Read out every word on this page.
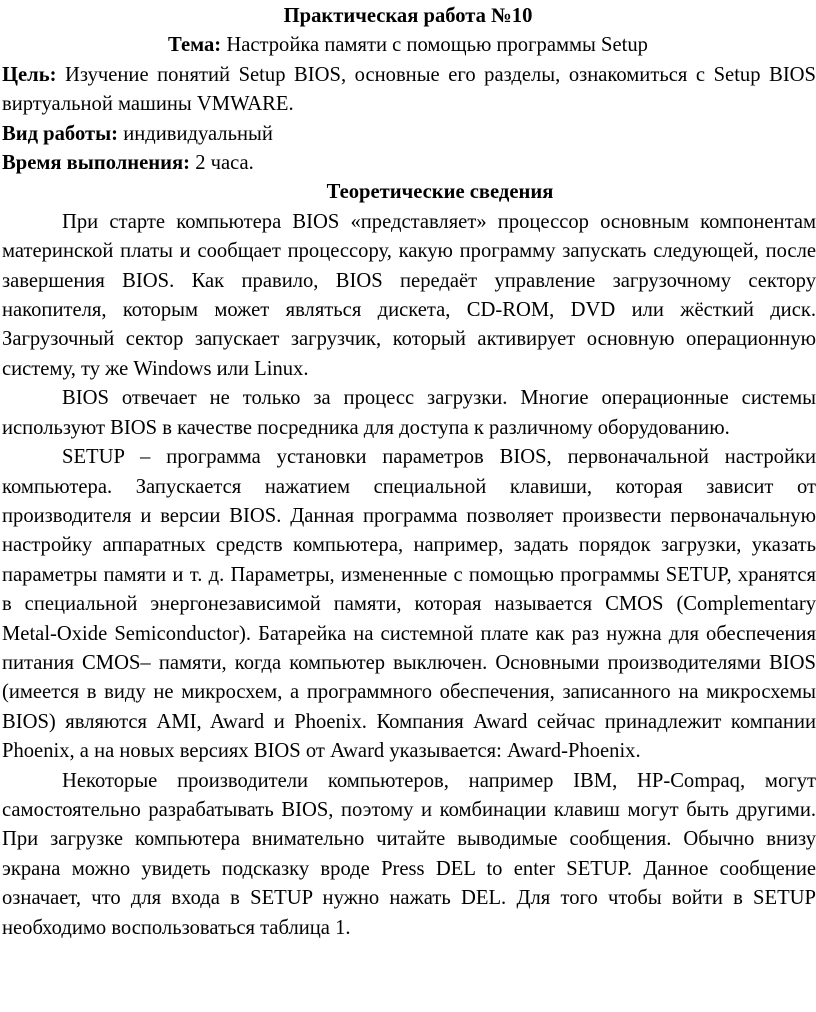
Практическая работа №10

Тема: Настройка памяти с помощью программы Setup

Цель: Изучение понятий Setup BIOS, основные его разделы, ознакомиться с Setup BIOS виртуальной машины VMWARE.

Вид работы: индивидуальный

Время выполнения: 2 часа.

Теоретические сведения

При старте компьютера BIOS «представляет» процессор основным компонентам материнской платы и сообщает процессору, какую программу запускать следующей, после завершения BIOS. Как правило, BIOS передаёт управление загрузочному сектору накопителя, которым может являться дискета, CD-ROM, DVD или жёсткий диск. Загрузочный сектор запускает загрузчик, который активирует основную операционную систему, ту же Windows или Linux.

BIOS отвечает не только за процесс загрузки. Многие операционные системы используют BIOS в качестве посредника для доступа к различному оборудованию.

SETUP – программа установки параметров BIOS, первоначальной настройки компьютера. Запускается нажатием специальной клавиши, которая зависит от производителя и версии BIOS. Данная программа позволяет произвести первоначальную настройку аппаратных средств компьютера, например, задать порядок загрузки, указать параметры памяти и т. д. Параметры, измененные с помощью программы SETUP, хранятся в специальной энергонезависимой памяти, которая называется CMOS (Complementary Metal-Oxide Semiconductor). Батарейка на системной плате как раз нужна для обеспечения питания CMOS– памяти, когда компьютер выключен. Основными производителями BIOS (имеется в виду не микросхем, а программного обеспечения, записанного на микросхемы BIOS) являются AMI, Award и Phoenix. Компания Award сейчас принадлежит компании Phoenix, а на новых версиях BIOS от Award указывается: Award-Phoenix.

Некоторые производители компьютеров, например IBM, HP-Compaq, могут самостоятельно разрабатывать BIOS, поэтому и комбинации клавиш могут быть другими. При загрузке компьютера внимательно читайте выводимые сообщения. Обычно внизу экрана можно увидеть подсказку вроде Press DEL to enter SETUP. Данное сообщение означает, что для входа в SETUP нужно нажать DEL. Для того чтобы войти в SETUP необходимо воспользоваться таблица 1.
